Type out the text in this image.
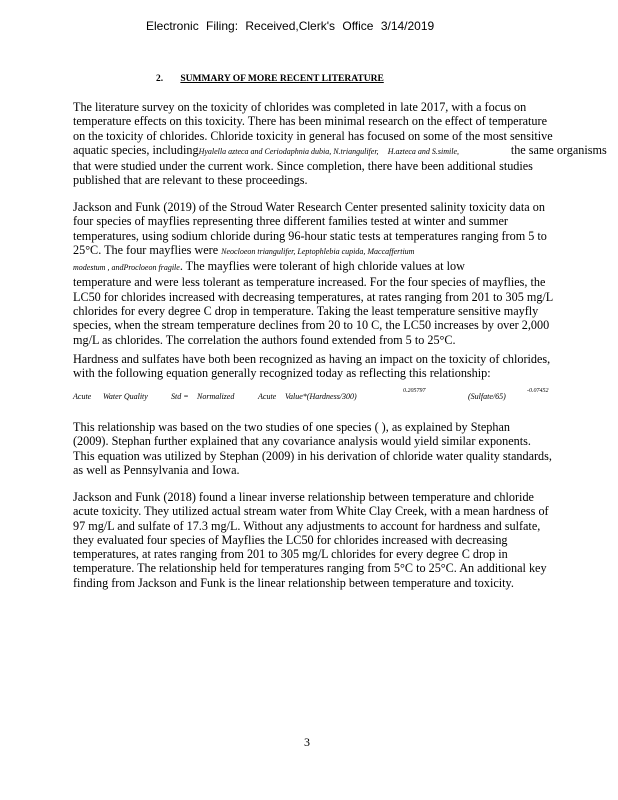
Electronic Filing: Received,Clerk's Office 3/14/2019
2. SUMMARY OF MORE RECENT LITERATURE
The literature survey on the toxicity of chlorides was completed in late 2017, with a focus on
temperature effects on this toxicity. There has been minimal research on the effect of temperature
on the toxicity of chlorides. Chloride toxicity in general has focused on some of the most sensitive
aquatic species, includingHyalella azteca and Ceriodaphnia dubia, N.triangulifer, H.azteca and S.simile,	the same organisms
that were studied under the current work. Since completion, there have been additional studies
published that are relevant to these proceedings.
Jackson and Funk (2019) of the Stroud Water Research Center presented salinity toxicity data on
four species of mayflies representing three different families tested at winter and summer
temperatures, using sodium chloride during 96-hour static tests at temperatures ranging from 5 to
25°C. The four mayflies were Neocloeon triangulifer, Leptophlebia cupida, Maccaffertium
modestum , andProcloeon fragile. The mayflies were tolerant of high chloride values at low
temperature and were less tolerant as temperature increased. For the four species of mayflies, the
LC50 for chlorides increased with decreasing temperatures, at rates ranging from 201 to 305 mg/L
chlorides for every degree C drop in temperature. Taking the least temperature sensitive mayfly
species, when the stream temperature declines from 20 to 10 C, the LC50 increases by over 2,000
mg/L as chlorides. The correlation the authors found extended from 5 to 25°C.
Hardness and sulfates have both been recognized as having an impact on the toxicity of chlorides,
with the following equation generally recognized today as reflecting this relationship:
Acute Water Quality	Std = Normalized	Acute Value*(Hardness/300)
$^{0.205797}$
(Sulfate/65)
$^{-0.07452}$
This relationship was based on the two studies of one species ( ), as explained by Stephan
(2009). Stephan further explained that any covariance analysis would yield similar exponents.
This equation was utilized by Stephan (2009) in his derivation of chloride water quality standards,
as well as Pennsylvania and Iowa.
Jackson and Funk (2018) found a linear inverse relationship between temperature and chloride
acute toxicity. They utilized actual stream water from White Clay Creek, with a mean hardness of
97 mg/L and sulfate of 17.3 mg/L. Without any adjustments to account for hardness and sulfate,
they evaluated four species of Mayflies the LC50 for chlorides increased with decreasing
temperatures, at rates ranging from 201 to 305 mg/L chlorides for every degree C drop in
temperature. The relationship held for temperatures ranging from 5°C to 25°C. An additional key
finding from Jackson and Funk is the linear relationship between temperature and toxicity.
3
